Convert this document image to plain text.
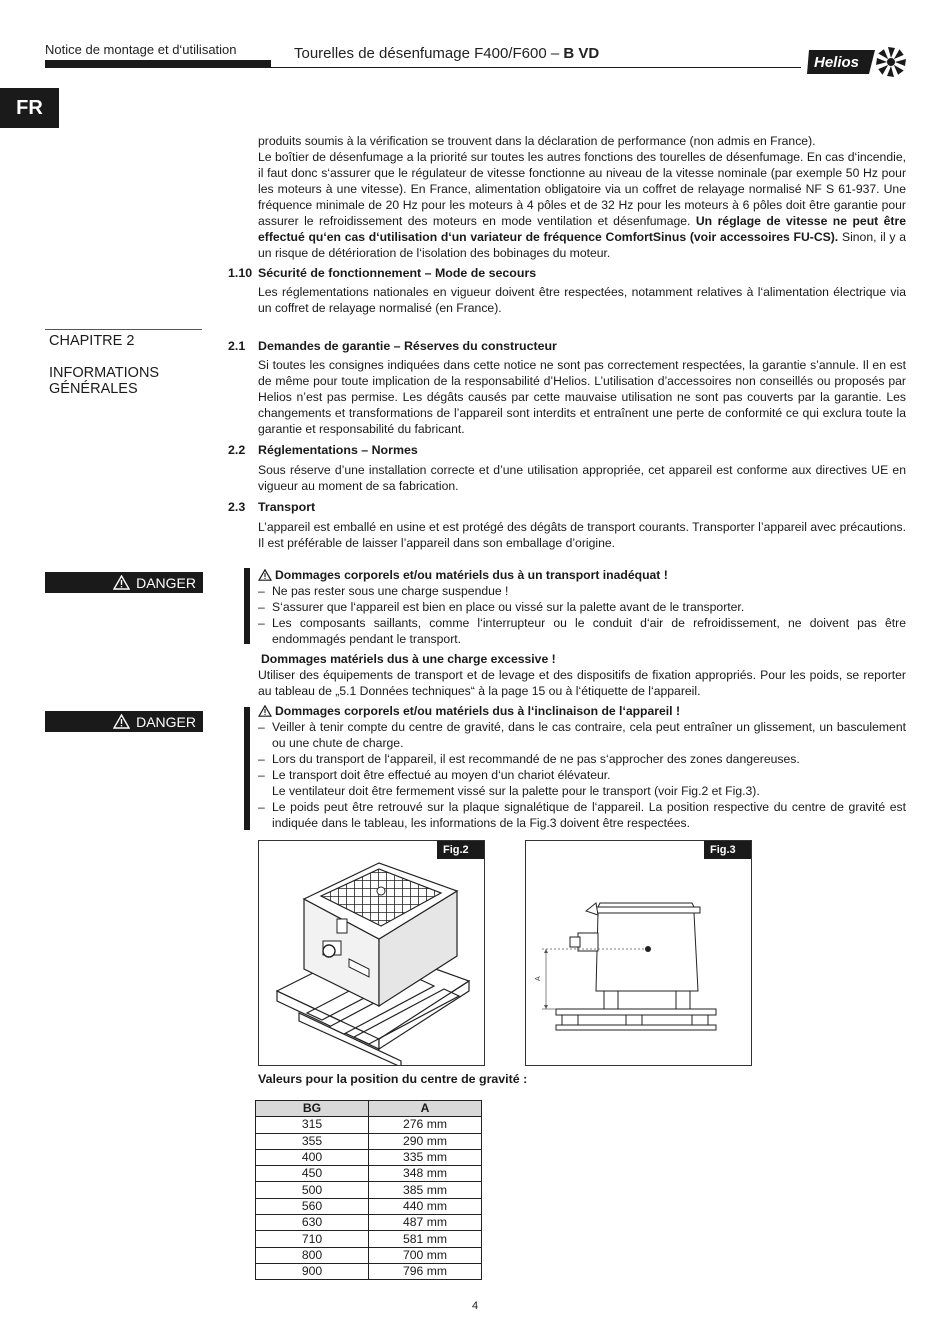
Notice de montage et d‘utilisation	Tourelles de désenfumage F400/F600 – B VD
Helios
FR
produits soumis à la vérification se trouvent dans la déclaration de performance (non admis en France).
Le boîtier de désenfumage a la priorité sur toutes les autres fonctions des tourelles de désenfumage. En cas d‘incendie, il faut donc s‘assurer que le régulateur de vitesse fonctionne au niveau de la vitesse nominale (par exemple 50 Hz pour les moteurs à une vitesse). En France, alimentation obligatoire via un coffret de relayage normalisé NF S 61-937. Une fréquence minimale de 20 Hz pour les moteurs à 4 pôles et de 32 Hz pour les moteurs à 6 pôles doit être garantie pour assurer le refroidissement des moteurs en mode ventilation et désenfumage. Un réglage de vitesse ne peut être effectué qu‘en cas d‘utilisation d‘un variateur de fréquence ComfortSinus (voir accessoires FU-CS). Sinon, il y a un risque de détérioration de l‘isolation des bobinages du moteur.
1.10 Sécurité de fonctionnement – Mode de secours
Les réglementations nationales en vigueur doivent être respectées, notamment relatives à l‘alimentation électrique via un coffret de relayage normalisé (en France).
CHAPITRE 2
INFORMATIONS
GÉNÉRALES
2.1 Demandes de garantie – Réserves du constructeur
Si toutes les consignes indiquées dans cette notice ne sont pas correctement respectées, la garantie s’annule. Il en est de même pour toute implication de la responsabilité d’Helios. L’utilisation d’accessoires non conseillés ou proposés par Helios n’est pas permise. Les dégâts causés par cette mauvaise utilisation ne sont pas couverts par la garantie. Les changements et transformations de l’appareil sont interdits et entraînent une perte de conformité ce qui exclura toute la garantie et responsabilité du fabricant.
2.2 Réglementations – Normes
Sous réserve d’une installation correcte et d’une utilisation appropriée, cet appareil est conforme aux directives UE en vigueur au moment de sa fabrication.
2.3 Transport
L’appareil est emballé en usine et est protégé des dégâts de transport courants. Transporter l’appareil avec précautions. Il est préférable de laisser l’appareil dans son emballage d’origine.
DANGER	Dommages corporels et/ou matériels dus à un transport inadéquat !
– Ne pas rester sous une charge suspendue !
– S‘assurer que l‘appareil est bien en place ou vissé sur la palette avant de le transporter.
– Les composants saillants, comme l‘interrupteur ou le conduit d‘air de refroidissement, ne doivent pas être endommagés pendant le transport.
Dommages matériels dus à une charge excessive !
Utiliser des équipements de transport et de levage et des dispositifs de fixation appropriés. Pour les poids, se reporter au tableau de „5.1 Données techniques“ à la page 15 ou à l‘étiquette de l‘appareil.
DANGER
Dommages corporels et/ou matériels dus à l‘inclinaison de l‘appareil !
– Veiller à tenir compte du centre de gravité, dans le cas contraire, cela peut entraîner un glissement, un basculement ou une chute de charge.
– Lors du transport de l‘appareil, il est recommandé de ne pas s‘approcher des zones dangereuses.
– Le transport doit être effectué au moyen d‘un chariot élévateur.
Le ventilateur doit être fermement vissé sur la palette pour le transport (voir Fig.2 et Fig.3).
– Le poids peut être retrouvé sur la plaque signalétique de l‘appareil. La position respective du centre de gravité est indiquée dans le tableau, les informations de la Fig.3 doivent être respectées.
Fig.2
A
Fig.3
Valeurs pour la position du centre de gravité :
BG	A
315	276 mm
355	290 mm
400	335 mm
450	348 mm
500	385 mm
560	440 mm
630	487 mm
710	581 mm
800	700 mm
900	796 mm
4
